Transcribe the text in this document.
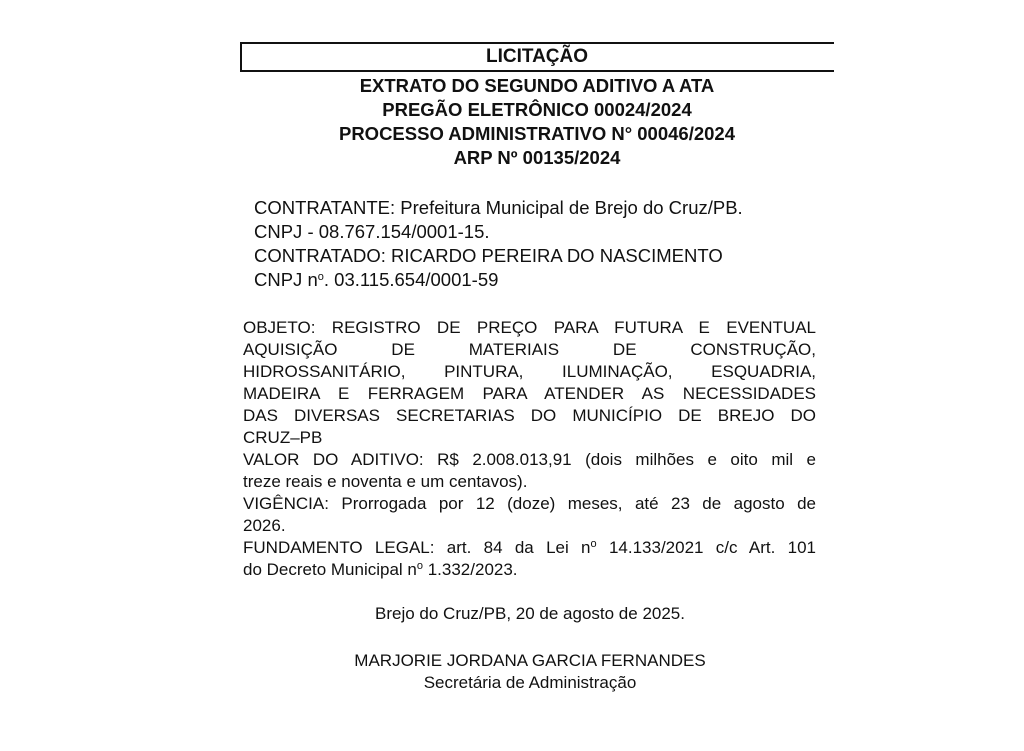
LICITAÇÃO
EXTRATO DO SEGUNDO ADITIVO A ATA
PREGÃO ELETRÔNICO 00024/2024
PROCESSO ADMINISTRATIVO N° 00046/2024
ARP Nº 00135/2024
CONTRATANTE: Prefeitura Municipal de Brejo do Cruz/PB.
CNPJ - 08.767.154/0001-15.
CONTRATADO: RICARDO PEREIRA DO NASCIMENTO
CNPJ $n^o$. 03.115.654/0001-59
OBJETO: REGISTRO DE PREÇO PARA FUTURA E EVENTUAL
AQUISIÇÃO DE MATERIAIS DE CONSTRUÇÃO,
HIDROSSANITÁRIO, PINTURA, ILUMINAÇÃO, ESQUADRIA,
MADEIRA E FERRAGEM PARA ATENDER AS NECESSIDADES
DAS DIVERSAS SECRETARIAS DO MUNICÍPIO DE BREJO DO
CRUZ–PB
VALOR DO ADITIVO: R$ 2.008.013,91 (dois milhões e oito mil e
treze reais e noventa e um centavos).
VIGÊNCIA: Prorrogada por 12 (doze) meses, até 23 de agosto de
2026.
FUNDAMENTO LEGAL: art. 84 da Lei $n^o$ 14.133/2021 c/c Art. 101
do Decreto Municipal $n^o$ 1.332/2023.
Brejo do Cruz/PB, 20 de agosto de 2025.
MARJORIE JORDANA GARCIA FERNANDES
Secretária de Administração
